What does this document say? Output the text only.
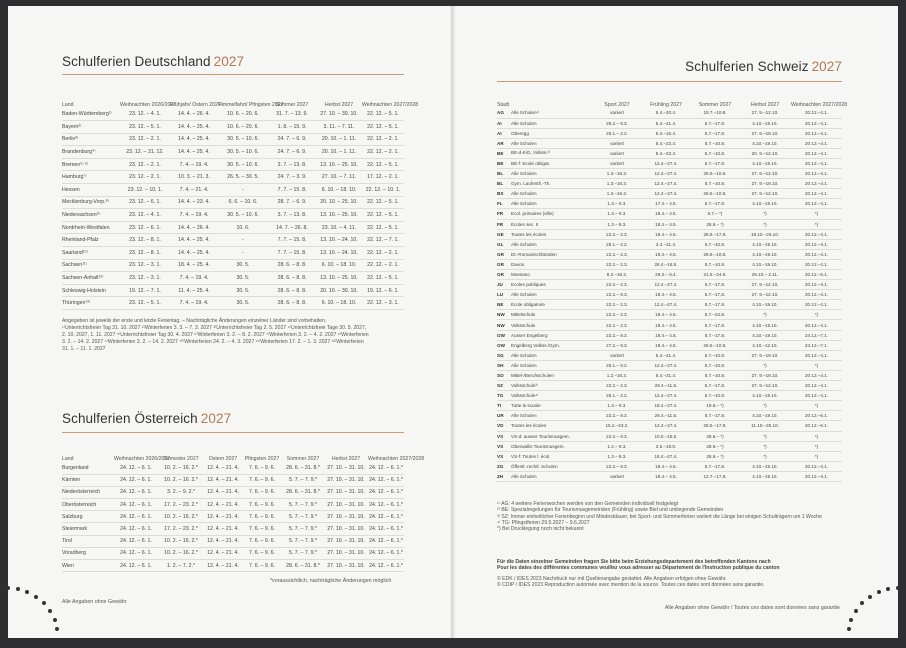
Schulferien Deutschland 2027
Land	Weihnachten 2026/2027	Frühjahr/ Ostern 2027	Himmelfahrt/ Pfingsten 2027	Sommer 2027	Herbst 2027	Weihnachten 2027/2028
Baden-Württemberg¹⁾	23. 12. – 4. 1.	14. 4. – 26. 4.	10. 6. – 20. 6.	31. 7. – 13. 9.	27. 10. – 30. 10.	22. 12. – 5. 1.
Bayern²⁾	23. 12. – 5. 1.	14. 4. – 25. 4.	10. 6. – 20. 6.	1. 8. – 15. 9.	3. 11. – 7. 11.	22. 12. – 5. 1.
Berlin³⁾	23. 12. – 2. 1.	14. 4. – 25. 4.	30. 5. – 10. 6.	24. 7. – 6. 9.	20. 10. – 1. 11.	22. 12. – 2. 1.
Brandenburg⁴⁾	23. 12. – 31. 12.	14. 4. – 25. 4.	30. 5. – 10. 6.	24. 7. – 6. 9.	20. 10. – 1. 11.	22. 12. – 2. 1.
Bremen⁵⁾ ⁶⁾	23. 12. – 2. 1.	7. 4. – 19. 4.	30. 5. – 10. 6.	3. 7. – 13. 8.	13. 10. – 25. 10.	22. 12. – 5. 1.
Hamburg⁷⁾	23. 12. – 2. 1.	10. 3. – 21. 3.	26. 5. – 30. 5.	24. 7. – 3. 9.	27. 10. – 7. 11.	17. 12. – 2. 1.
Hessen	23. 12. – 10. 1.	7. 4. – 21. 4.	-	7. 7. – 15. 8.	6. 10. – 18. 10.	22. 12. – 10. 1.
Mecklenburg-Vorp.⁸⁾	23. 12. – 6. 1.	14. 4. – 23. 4.	6. 6. – 10. 6.	28. 7. – 6. 9.	20. 10. – 25. 10.	22. 12. – 5. 1.
Niedersachsen⁹⁾	23. 12. – 4. 1.	7. 4. – 19. 4.	30. 5. – 10. 6.	3. 7. – 13. 8.	13. 10. – 25. 10.	22. 12. – 5. 1.
Nordrhein-Westfalen	23. 12. – 6. 1.	14. 4. – 26. 4.	10. 6.	14. 7. – 26. 8.	23. 10. – 4. 11.	22. 12. – 5. 1.
Rheinland-Pfalz	23. 12. – 8. 1.	14. 4. – 25. 4.	-	7. 7. – 15. 8.	13. 10. – 24. 10.	22. 12. – 7. 1.
Saarland¹⁰⁾	23. 12. – 8. 1.	14. 4. – 25. 4.	-	7. 7. – 15. 8.	13. 10. – 24. 10.	22. 12. – 2. 1.
Sachsen¹¹⁾	23. 12. – 3. 1.	18. 4. – 25. 4.	30. 5.	28. 6. – 8. 8.	6. 10. – 18. 10.	22. 12. – 2. 1.
Sachsen-Anhalt¹²⁾	23. 12. – 3. 1.	7. 4. – 19. 4.	30. 5.	28. 6. – 8. 8.	13. 10. – 25. 10.	22. 12. – 5. 1.
Schleswig-Holstein	19. 12. – 7. 1.	11. 4. – 25. 4.	30. 5.	28. 6. – 8. 8.	20. 10. – 30. 10.	19. 12. – 6. 1.
Thüringen¹³⁾	23. 12. – 5. 1.	7. 4. – 19. 4.	30. 5.	28. 6. – 8. 8.	6. 10. – 18. 10.	22. 12. – 3. 1.
Angegeben ist jeweils der erste und letzte Ferientag. – Nachträgliche Änderungen einzelner Länder sind vorbehalten.
¹⁾Unterrichtsfreier Tag 31. 10. 2027 ²⁾Winterferien 3. 3. – 7. 3. 2027 ³⁾Unterrichtsfreier Tag 2. 5. 2027 ⁴⁾Unterrichtsfreie Tage 30. 5. 2027,
2. 10. 2027, 1. 11. 2027 ⁵⁾Unterrichtsfreier Tag 30. 4. 2027 ⁶⁾Winterferien 3. 2. – 8. 2. 2027 ⁷⁾Winterferien 3. 2. – 4. 2. 2027 ⁸⁾Winterferien
3. 2. – 14. 2. 2027 ⁹⁾Winterferien 3. 2. – 14. 2. 2027 ¹⁰⁾Winterferien 24. 2. – 4. 3. 2027 ¹¹⁾Winterferien 17. 2. – 1. 3. 2027 ¹²⁾Winterferien
31. 1. – 11. 1. 2027
Schulferien Österreich 2027
Land	Weihnachten 2026/2027	Semester 2027	Ostern 2027	Pfingsten 2027	Sommer 2027	Herbst 2027	Weihnachten 2027/2028
Burgenland	24. 12. – 6. 1.	10. 2. – 16. 2.*	12. 4. – 21. 4.	7. 6. – 9. 6.	28. 6. – 31. 8.*	27. 10. – 31. 10.	24. 12. – 6. 1.*
Kärnten	24. 12. – 6. 1.	10. 2. – 16. 2.*	12. 4. – 21. 4.	7. 6. – 9. 6.	5. 7. – 7. 9.*	27. 10. – 31. 10.	24. 12. – 6. 1.*
Niederösterreich	24. 12. – 6. 1.	3. 2. – 9. 2.*	12. 4. – 21. 4.	7. 6. – 9. 6.	28. 6. – 31. 8.*	27. 10. – 31. 10.	24. 12. – 6. 1.*
Oberösterreich	24. 12. – 6. 1.	17. 2. – 23. 2.*	12. 4. – 21. 4.	7. 6. – 9. 6.	5. 7. – 7. 9.*	27. 10. – 31. 10.	24. 12. – 6. 1.*
Salzburg	24. 12. – 6. 1.	10. 2. – 16. 2.*	12. 4. – 21. 4.	7. 6. – 9. 6.	5. 7. – 7. 9.*	27. 10. – 31. 10.	24. 12. – 6. 1.*
Steiermark	24. 12. – 6. 1.	17. 2. – 23. 2.*	12. 4. – 21. 4.	7. 6. – 9. 6.	5. 7. – 7. 9.*	27. 10. – 31. 10.	24. 12. – 6. 1.*
Tirol	24. 12. – 6. 1.	10. 2. – 16. 2.*	12. 4. – 21. 4.	7. 6. – 9. 6.	5. 7. – 7. 9.*	27. 10. – 31. 10.	24. 12. – 6. 1.*
Vorarlberg	24. 12. – 6. 1.	10. 2. – 16. 2.*	12. 4. – 21. 4.	7. 6. – 9. 6.	5. 7. – 7. 9.*	27. 10. – 31. 10.	24. 12. – 6. 1.*
Wien	24. 12. – 6. 1.	1. 2. – 7. 2.*	12. 4. – 21. 4.	7. 6. – 9. 6.	28. 6. – 31. 8.*	27. 10. – 31. 10.	24. 12. – 6. 1.*
*voraussichtlich, nachträgliche Änderungen möglich
Alle Angaben ohne Gewähr
Schulferien Schweiz 2027
Stadt		Sport 2027	Frühling 2027	Sommer 2027	Herbst 2027	Weihnachten 2027/2028
AG	Alle Schulen¹⁾	variiert	5.4.–20.4.	19.7.–10.8.	27. 9.–12.10.	20.12.–4.1.
AI	Alle Schulen	28.2.– 9.3.	5.4.–21.4.	5.7.–17.8.	4.10.–19.10.	20.12.–4.1.
AI	Oberegg	25.1.– 2.2.	5.4.–16.4.	5.7.–17.8.	27. 9.–19.10.	20.12.–4.1.
AR	Alle Schulen	variiert	5.4.–23.4.	5.7.–10.8.	4.10.–19.10.	20.12.–4.1.
BE	BE-d-KiG, Volkss.²⁾	variiert	5.4.–23.4.	5.7.–10.8.	20. 9.–12.10.	20.12.–4.1.
BE	BE-f: Ecole obligat.	variiert	12.4.–27.4.	5.7.–17.8.	4.10.–19.10.	20.12.–4.1.
BL	Alle Schulen	1.3.–16.3.	12.4.–27.4.	28.6.–10.8.	27. 9.–12.10.	20.12.–4.1.
BL	Gym. Laufenth.-Th.	1.3.–16.3.	12.4.–27.4.	5.7.–10.8.	27. 9.–19.10.	20.12.–4.1.
BS	Alle Schulen	1.3.–16.3.	12.4.–27.4.	28.6.–10.8.	27. 9.–12.10.	20.12.–4.1.
FL	Alle Schulen	1.3.– 9.3.	17.4.– 4.5.	5.7.–17.8.	4.10.–19.10.	20.12.–4.1.
FR	Ecol. primaires (ville)	1.3.– 9.3.	18.4.– 4.5.	5.7.– *)	*)	*)
FR	Ecoles sec. II	1.3.– 9.3.	18.4.– 4.5.	28.6.– *)	*)	*)
GE	Toutes les écoles	22.2.– 2.3.	18.4.– 4.5.	28.6.–17.8.	18.10.–26.10.	20.12.–4.1.
GL	Alle Schulen	25.1.– 2.2.	3.4.–21.4.	5.7.–10.8.	4.10.–19.10.	20.12.–4.1.
GR	Dt.-Romanischbünden	22.2.– 2.3.	19.4.– 4.5.	28.6.–10.8.	4.10.–19.10.	20.12.–4.1.
GR	Davos	22.2.– 2.3.	26.4.–18.5.	5.7.–10.8.	4.10.–19.10.	20.12.–4.1.
GR	Moesano	8.2.–16.2.	29.3.– 6.4.	21.6.–24.8.	29.10.– 2.11.	20.12.–5.1.
JU	Ecoles publiques	22.2.– 2.3.	12.4.–27.4.	5.7.–17.8.	27. 9.–12.10.	20.12.–4.1.
LU	Alle Schulen	22.2.– 9.3.	18.4.– 4.5.	5.7.–17.8.	27. 9.–12.10.	20.12.–4.1.
NE	Ecole obligatoire	22.2.– 2.3.	12.4.–27.4.	5.7.–17.8.	4.10.–19.10.	20.12.–4.1.
NW	Mittelschule	22.2.– 2.3.	18.4.– 4.5.	5.7.–24.8.	*)	*)
NW	Volksschule	22.2.– 2.3.	18.4.– 4.5.	5.7.–17.8.	4.10.–19.10.	20.12.–4.1.
OW	Ausser Engelberg	22.2.– 9.3.	18.4.– 4.5.	5.7.–17.8.	4.10.–19.10.	24.12.–7.1.
OW	Engelberg Volkss./Gym.	27.2.– 9.3.	18.4.– 4.5.	28.6.–10.8.	4.10.–12.10.	24.12.–7.1.
SG	Alle Schulen	variiert	5.4.–21.4.	5.7.–10.8.	27. 9.–19.10.	20.12.–4.1.
SH	Alle Schulen	25.1.– 9.2.	12.4.–27.4.	5.7.–10.8.	*)	*)
SO	Mittel-/Berufsschulen	1.2.–16.2.	5.4.–21.4.	5.7.–10.8.	27. 9.–19.10.	20.12.–4.1.
SZ	Volksschule³⁾	22.2.– 2.3.	26.4.–11.5.	5.7.–17.8.	27. 9.–12.10.	20.12.–4.1.
TG	Volksschule⁴⁾	25.1.– 2.2.	12.4.–27.4.	5.7.–10.8.	4.10.–19.10.	20.12.–4.1.
TI	Tutte le scuole	1.3.– 9.3.	18.4.–27.4.	19.6.– *)	*)	*)
UR	Alle Schulen	22.2.– 9.3.	26.4.–11.5.	5.7.–17.8.	4.10.–19.10.	20.12.–6.1.
VD	Toutes les écoles	15.2.–23.2.	12.4.–27.4.	28.6.–17.8.	11.10.–26.10.	20.12.–6.1.
VS	VS-d: ausser Tourismusgem.	22.2.– 9.3.	10.5.–18.5.	28.6.– *)	*)	*)
VS	Oberwallis Tourismusgem.	1.2.– 9.3.	3.5.–18.5.	28.6.– *)	*)	*)
VS	VS-f: Toutes l. écol.	1.3.– 9.3.	18.4.–27.4.	28.6.– *)	*)	*)
ZG	Öffentl.-rechtl. Schulen	22.2.– 9.3.	18.4.– 4.5.	5.7.–17.8.	4.10.–19.10.	20.12.–4.1.
ZH	Alle Schulen	variiert	18.4.– 4.5.	12.7.–17.8.	4.10.–19.10.	20.12.–4.1.
¹⁾ AG: 4 weitere Ferienwochen werden von den Gemeinden individuell festgelegt
²⁾ BE: Spezialregelungen für Tourismusgemeinden (Frühling) sowie Biel und umliegende Gemeinden
³⁾ SZ: Immer einheitlicher Ferienbeginn und Mindestdauer, bei Sport- und Sommerferien variiert die Länge bei einigen Schulträgern um 1 Woche
⁴⁾ TG: Pfingstferien 29.5.2027 – 9.6.2027
*) Bei Drucklegung noch nicht bekannt
Für die Daten einzelner Gemeinden fragen Sie bitte beim Erziehungsdepartement des betreffenden Kantons nach
Pour les dates des différentes communes veuillez vous adresser au Département de l'Instruction publique du canton
© EDK / IDES 2023 Nachdruck nur mit Quellenangabe gestattet. Alle Angaben erfolgen ohne Gewähr.
© CDIP / IDES 2023 Reproduction autorisée avec mention de la source. Toutes ces dates sont données sans garantie.
Alle Angaben ohne Gewähr / Toutes ces dates sont données sans garantie
